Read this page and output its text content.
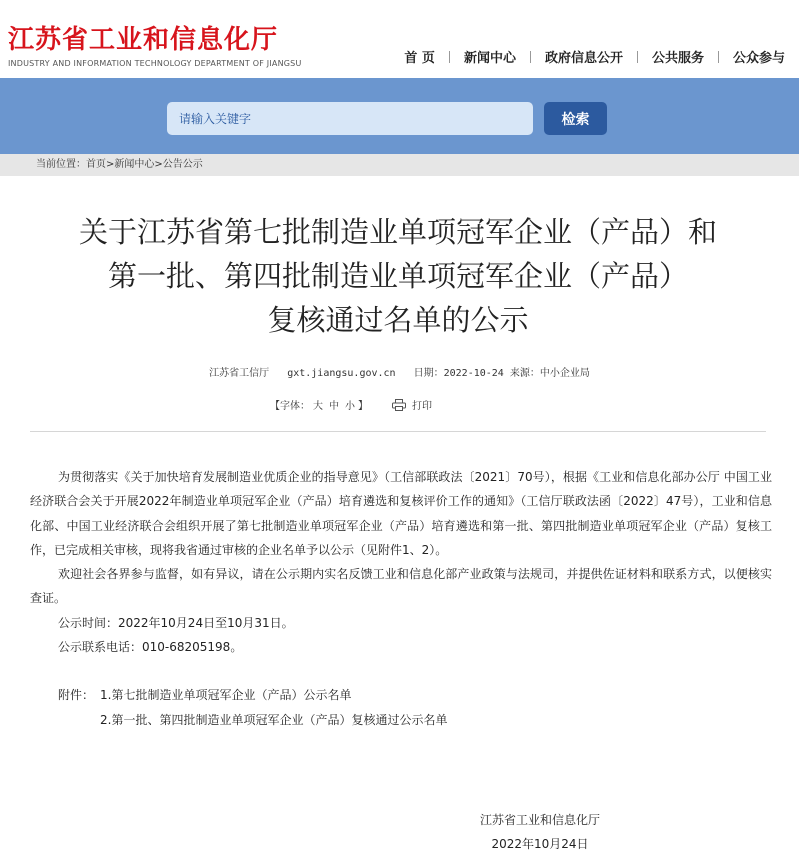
江苏省工业和信息化厅
INDUSTRY AND INFORMATION TECHNOLOGY DEPARTMENT OF JIANGSU	首 页	新闻中心	政府信息公开	公共服务	公众参与
请输入关键字
检索
当前位置：首页>新闻中心>公告公示
关于江苏省第七批制造业单项冠军企业（产品）和
第一批、第四批制造业单项冠军企业（产品）
复核通过名单的公示
江苏省工信厅 gxt.jiangsu.gov.cn 日期：2022-10-24 来源：中小企业局
【字体： 大 中 小 】	打印

为贯彻落实《关于加快培育发展制造业优质企业的指导意见》（工信部联政法〔2021〕70号），根据《工业和信息化部办公厅 中国工业经济联合会关于开展2022年制造业单项冠军企业（产品）培育遴选和复核评价工作的通知》（工信厅联政法函〔2022〕47号），工业和信息化部、中国工业经济联合会组织开展了第七批制造业单项冠军企业（产品）培育遴选和第一批、第四批制造业单项冠军企业（产品）复核工作，已完成相关审核，现将我省通过审核的企业名单予以公示（见附件1、2）。

欢迎社会各界参与监督，如有异议，请在公示期内实名反馈工业和信息化部产业政策与法规司，并提供佐证材料和联系方式，以便核实查证。

公示时间：2022年10月24日至10月31日。

公示联系电话：010-68205198。

附件： 1.第七批制造业单项冠军企业（产品）公示名单
2.第一批、第四批制造业单项冠军企业（产品）复核通过公示名单
江苏省工业和信息化厅
2022年10月24日
